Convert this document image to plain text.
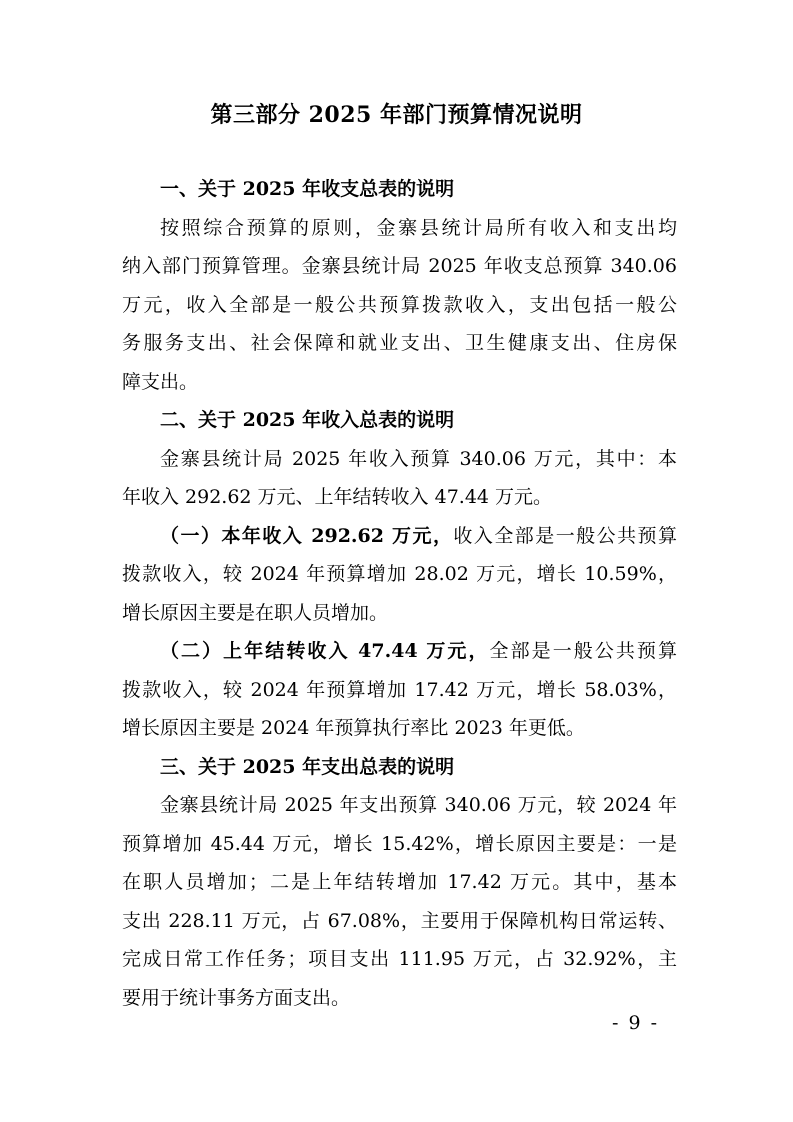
第三部分 2025 年部门预算情况说明

一、关于 2025 年收支总表的说明

按照综合预算的原则，金寨县统计局所有收入和支出均

纳入部门预算管理。金寨县统计局 2025 年收支总预算 340.06

万元，收入全部是一般公共预算拨款收入，支出包括一般公

务服务支出、社会保障和就业支出、卫生健康支出、住房保

障支出。

二、关于 2025 年收入总表的说明

金寨县统计局 2025 年收入预算 340.06 万元，其中：本

年收入 292.62 万元、上年结转收入 47.44 万元。

（一）本年收入 292.62 万元，收入全部是一般公共预算

拨款收入，较 2024 年预算增加 28.02 万元，增长 10.59%，

增长原因主要是在职人员增加。

（二）上年结转收入 47.44 万元，全部是一般公共预算

拨款收入，较 2024 年预算增加 17.42 万元，增长 58.03%，

增长原因主要是 2024 年预算执行率比 2023 年更低。

三、关于 2025 年支出总表的说明

金寨县统计局 2025 年支出预算 340.06 万元，较 2024 年

预算增加 45.44 万元，增长 15.42%，增长原因主要是：一是

在职人员增加；二是上年结转增加 17.42 万元。其中，基本

支出 228.11 万元，占 67.08%，主要用于保障机构日常运转、

完成日常工作任务；项目支出 111.95 万元，占 32.92%，主

要用于统计事务方面支出。

- 9 -
